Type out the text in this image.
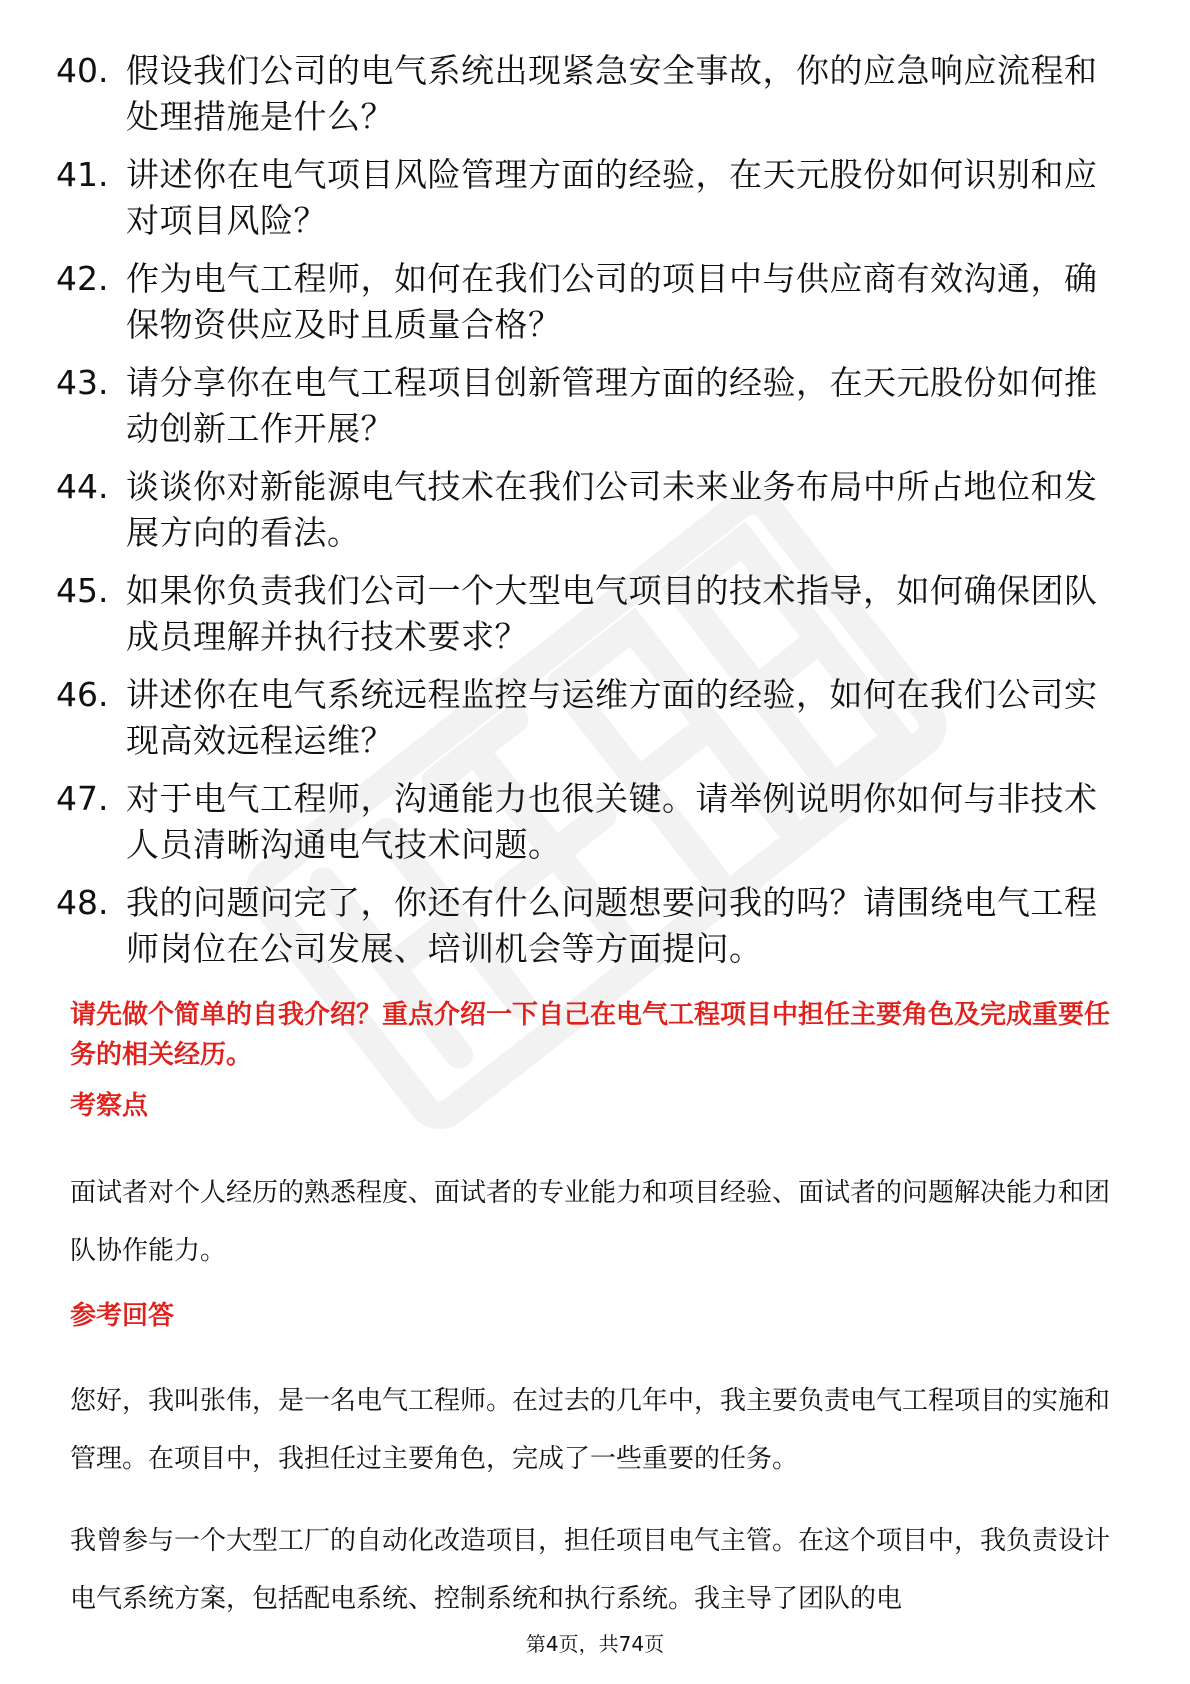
40. 假设我们公司的电气系统出现紧急安全事故，你的应急响应流程和处理措施是什么？
41. 讲述你在电气项目风险管理方面的经验，在天元股份如何识别和应对项目风险？
42. 作为电气工程师，如何在我们公司的项目中与供应商有效沟通，确保物资供应及时且质量合格？
43. 请分享你在电气工程项目创新管理方面的经验，在天元股份如何推动创新工作开展？
44. 谈谈你对新能源电气技术在我们公司未来业务布局中所占地位和发展方向的看法。
45. 如果你负责我们公司一个大型电气项目的技术指导，如何确保团队成员理解并执行技术要求？
46. 讲述你在电气系统远程监控与运维方面的经验，如何在我们公司实现高效远程运维？
47. 对于电气工程师，沟通能力也很关键。请举例说明你如何与非技术人员清晰沟通电气技术问题。
48. 我的问题问完了，你还有什么问题想要问我的吗？请围绕电气工程师岗位在公司发展、培训机会等方面提问。

请先做个简单的自我介绍？重点介绍一下自己在电气工程项目中担任主要角色及完成重要任务的相关经历。

考察点

面试者对个人经历的熟悉程度、面试者的专业能力和项目经验、面试者的问题解决能力和团队协作能力。

参考回答

您好，我叫张伟，是一名电气工程师。在过去的几年中，我主要负责电气工程项目的实施和管理。在项目中，我担任过主要角色，完成了一些重要的任务。

我曾参与一个大型工厂的自动化改造项目，担任项目电气主管。在这个项目中，我负责设计电气系统方案，包括配电系统、控制系统和执行系统。我主导了团队的电

第4页，共74页
